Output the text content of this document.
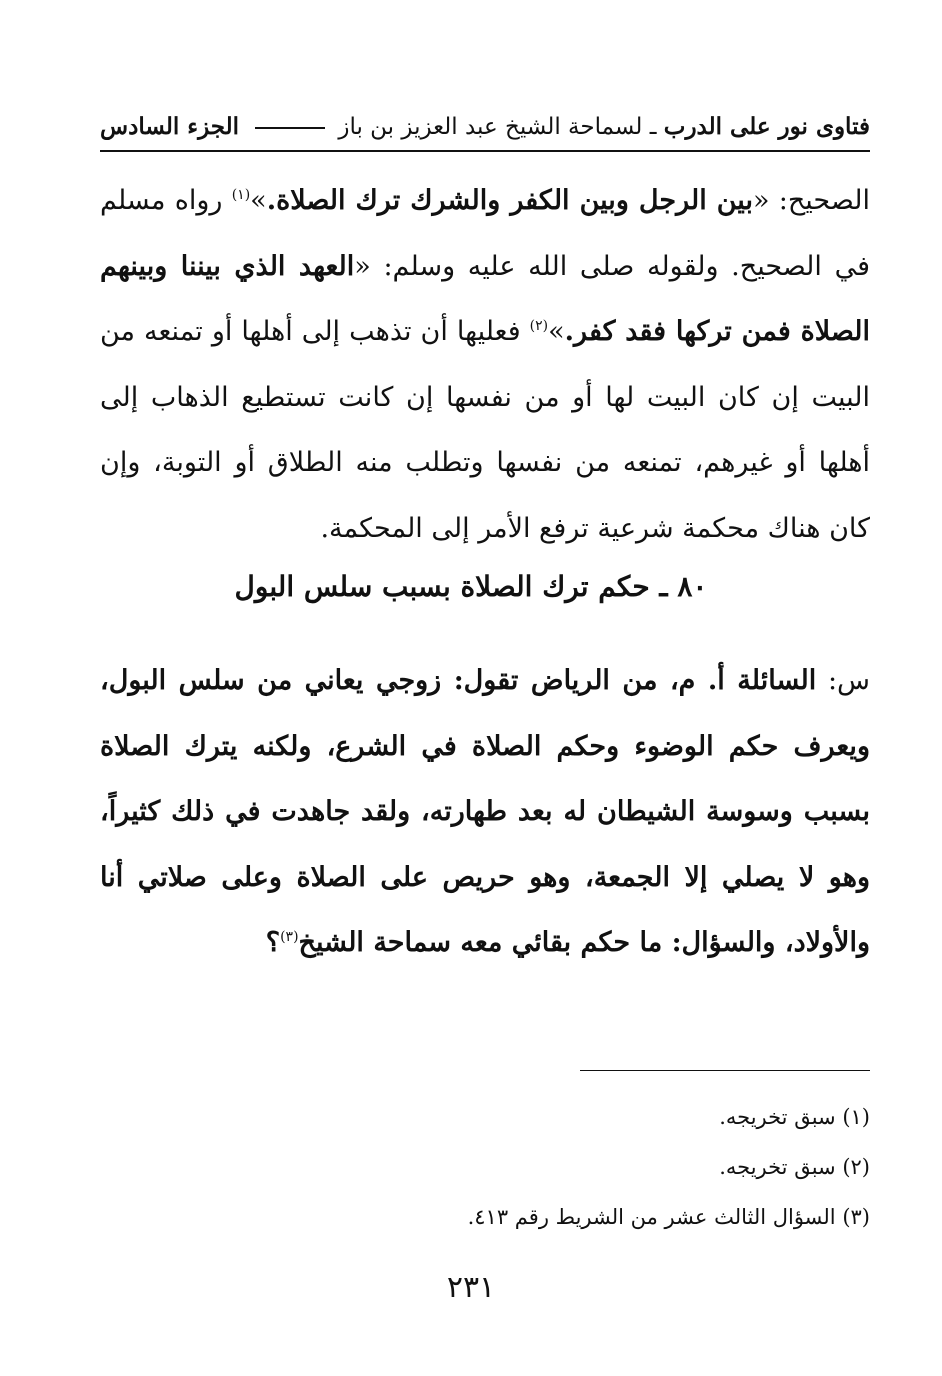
فتاوى نور على الدرب ـ لسماحة الشيخ عبد العزيز بن باز
الجزء السادس
الصحيح: «بين الرجل وبين الكفر والشرك ترك الصلاة.»$^{(١)}$ رواه مسلم في الصحيح. ولقوله صلى الله عليه وسلم: «العهد الذي بيننا وبينهم الصلاة فمن تركها فقد كفر.»$^{(٢)}$ فعليها أن تذهب إلى أهلها أو تمنعه من البيت إن كان البيت لها أو من نفسها إن كانت تستطيع الذهاب إلى أهلها أو غيرهم، تمنعه من نفسها وتطلب منه الطلاق أو التوبة، وإن كان هناك محكمة شرعية ترفع الأمر إلى المحكمة.
٨٠ ـ حكم ترك الصلاة بسبب سلس البول
س: السائلة أ. م، من الرياض تقول: زوجي يعاني من سلس البول، ويعرف حكم الوضوء وحكم الصلاة في الشرع، ولكنه يترك الصلاة بسبب وسوسة الشيطان له بعد طهارته، ولقد جاهدت في ذلك كثيراً، وهو لا يصلي إلا الجمعة، وهو حريص على الصلاة وعلى صلاتي أنا والأولاد، والسؤال: ما حكم بقائي معه سماحة الشيخ$^{(٣)}$؟
(١) سبق تخريجه.
(٢) سبق تخريجه.
(٣) السؤال الثالث عشر من الشريط رقم ٤١٣.
٢٣١
